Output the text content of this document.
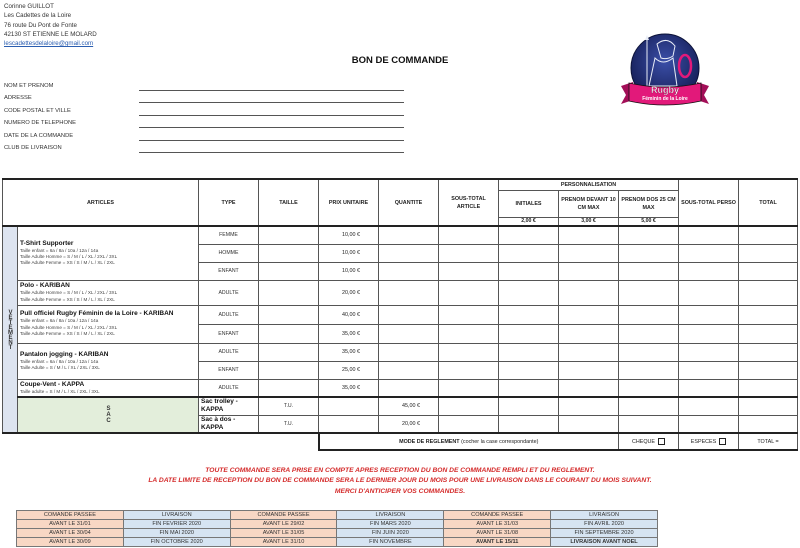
Corinne GUILLOT
Les Cadettes de la Loire
76 route Du Pont de Fonte
42130 ST ETIENNE LE MOLARD
lescadettesdelaloire@gmail.com
BON DE COMMANDE
Rugby
Féminin de la Loire
NOM ET PRENOM
ADRESSE
CODE POSTAL ET VILLE
NUMERO DE TELEPHONE
DATE DE LA COMMANDE
CLUB DE LIVRAISON
ARTICLES		TYPE	TAILLE	PRIX UNITAIRE	QUANTITE	SOUS-TOTAL ARTICLE	PERSONNALISATION			SOUS-TOTAL PERSO	TOTAL	
							INITIALES	PRENOM DEVANT 10 CM MAX	PRENOM DOS 25 CM MAX			
							2,00 €	3,00 €	5,00 €			

VETEMENT	T-Shirt Supporter
Taille enfant = 6a / 8a / 10a / 12a / 14a
Taille Adulte Homme = S / M / L / XL / 2XL / 3XL
Taille Adulte Femme = XS / S / M / L / XL / 2XL	FEMME		10,00 €								
		HOMME		10,00 €								
		ENFANT		10,00 €								

	Polo - KARIBAN
Taille Adulte Homme = S / M / L / XL / 2XL / 3XL
Taille Adulte Femme = XS / S / M / L / XL / 2XL	ADULTE		20,00 €								

	Pull officiel Rugby Féminin de la Loire - KARIBAN
Taille enfant = 6a / 8a / 10a / 12a / 14a
Taille Adulte Homme = S / M / L / XL / 2XL / 3XL
Taille Adulte Femme = XS / S / M / L / XL / 2XL	ADULTE		40,00 €								
		ENFANT		35,00 €								

	Pantalon jogging - KARIBAN
Taille enfant = 6a / 8a / 10a / 12a / 14a
Taille Adulte = S / M / L / XL / 2XL / 3XL	ADULTE		35,00 €								
		ENFANT		25,00 €								

	Coupe-Vent - KAPPA
Taille adulte = S / M / L / XL / 2XL / 3XL	ADULTE		35,00 €								

	SAC	Sac trolley - KAPPA	T.U.		45,00 €							

		Sac à dos - KAPPA	T.U.		20,00 €							
				MODE DE REGLEMENT (cocher la case correspondante)					CHEQUE	ESPECES	TOTAL =	
TOUTE COMMANDE SERA PRISE EN COMPTE APRES RECEPTION DU BON DE COMMANDE REMPLI ET DU REGLEMENT.
LA DATE LIMITE DE RECEPTION DU BON DE COMMANDE SERA LE DERNIER JOUR DU MOIS POUR UNE LIVRAISON DANS LE COURANT DU MOIS SUIVANT.
MERCI D'ANTICIPER VOS COMMANDES.
COMANDE PASSEE	LIVRAISON	COMANDE PASSEE	LIVRAISON	COMANDE PASSEE	LIVRAISON
AVANT LE 31/01	FIN FEVRIER 2020	AVANT LE 29/02	FIN MARS 2020	AVANT LE 31/03	FIN AVRIL 2020
AVANT LE 30/04	FIN MAI 2020	AVANT LE 31/05	FIN JUIN 2020	AVANT LE 31/08	FIN SEPTEMBRE 2020
AVANT LE 30/09	FIN OCTOBRE 2020	AVANT LE 31/10	FIN NOVEMBRE	AVANT LE 15/11	LIVRAISON AVANT NOEL
